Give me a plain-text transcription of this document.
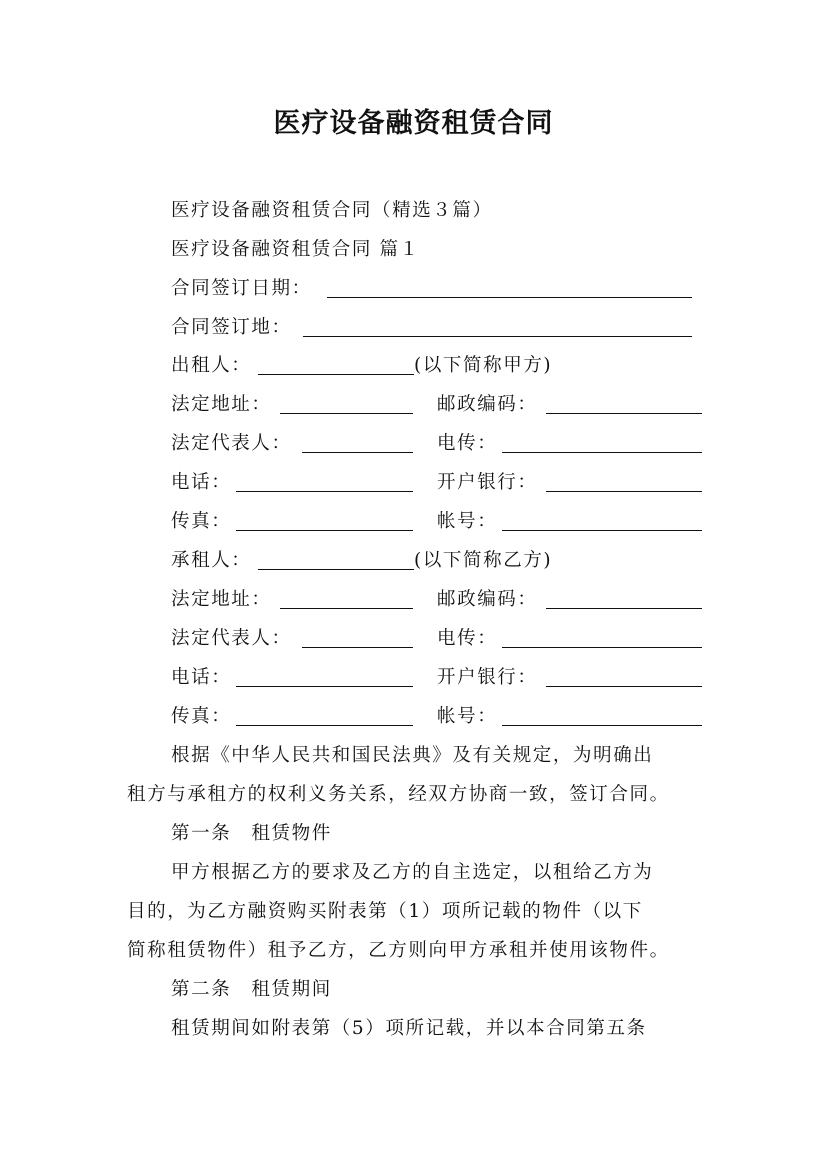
医疗设备融资租赁合同
医疗设备融资租赁合同（精选３篇）
医疗设备融资租赁合同 篇１
合同签订日期：
合同签订地：
出租人：	(以下简称甲方)
法定地址：	邮政编码：
法定代表人：	电传：
电话：	开户银行：
传真：	帐号：
承租人：	(以下简称乙方)
法定地址：	邮政编码：
法定代表人：	电传：
电话：	开户银行：
传真：	帐号：
根据《中华人民共和国民法典》及有关规定，为明确出
租方与承租方的权利义务关系，经双方协商一致，签订合同。
第一条　租赁物件
甲方根据乙方的要求及乙方的自主选定，以租给乙方为
目的，为乙方融资购买附表第（1）项所记载的物件（以下
简称租赁物件）租予乙方，乙方则向甲方承租并使用该物件。
第二条　租赁期间
租赁期间如附表第（5）项所记载，并以本合同第五条
